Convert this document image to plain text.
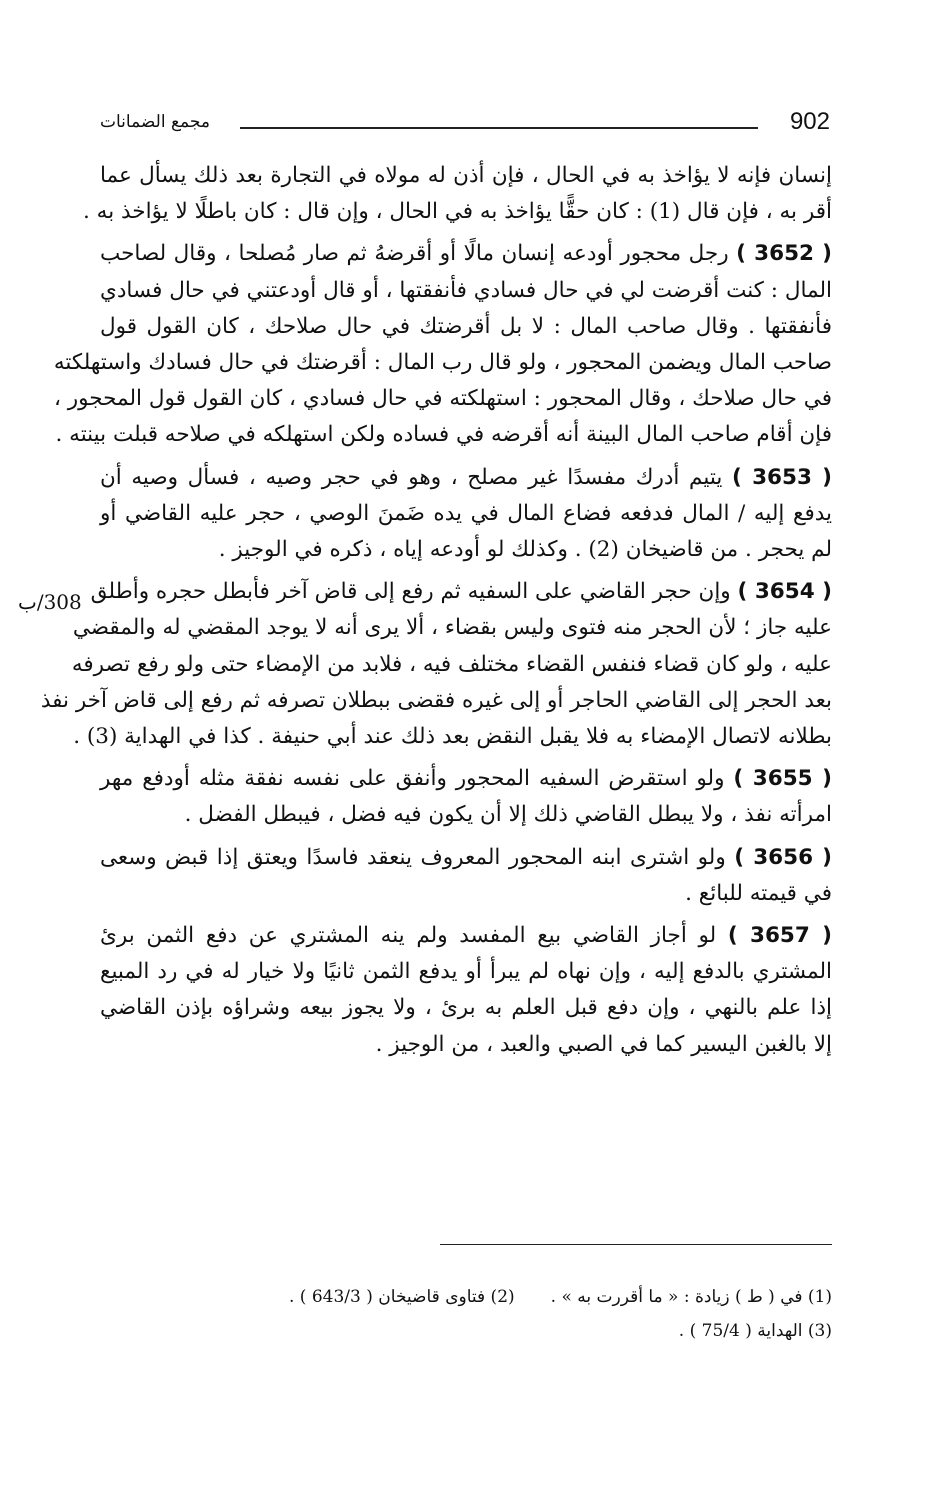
مجمع الضمانات	902
308/ب
إنسان فإنه لا يؤاخذ به في الحال ، فإن أذن له مولاه في التجارة بعد ذلك يسأل عما
أقر به ، فإن قال (1) : كان حقًّا يؤاخذ به في الحال ، وإن قال : كان باطلًا لا يؤاخذ به .
( 3652 ) رجل محجور أودعه إنسان مالًا أو أقرضهُ ثم صار مُصلحا ، وقال لصاحب
المال : كنت أقرضت لي في حال فسادي فأنفقتها ، أو قال أودعتني في حال فسادي
فأنفقتها . وقال صاحب المال : لا بل أقرضتك في حال صلاحك ، كان القول قول
صاحب المال ويضمن المحجور ، ولو قال رب المال : أقرضتك في حال فسادك واستهلكته
في حال صلاحك ، وقال المحجور : استهلكته في حال فسادي ، كان القول قول المحجور ،
فإن أقام صاحب المال البينة أنه أقرضه في فساده ولكن استهلكه في صلاحه قبلت بينته .
( 3653 ) يتيم أدرك مفسدًا غير مصلح ، وهو في حجر وصيه ، فسأل وصيه أن
يدفع إليه / المال فدفعه فضاع المال في يده ضَمنَ الوصي ، حجر عليه القاضي أو
لم يحجر . من قاضيخان (2) . وكذلك لو أودعه إياه ، ذكره في الوجيز .
( 3654 ) وإن حجر القاضي على السفيه ثم رفع إلى قاض آخر فأبطل حجره وأطلق
عليه جاز ؛ لأن الحجر منه فتوى وليس بقضاء ، ألا يرى أنه لا يوجد المقضي له والمقضي
عليه ، ولو كان قضاء فنفس القضاء مختلف فيه ، فلابد من الإمضاء حتى ولو رفع تصرفه
بعد الحجر إلى القاضي الحاجر أو إلى غيره فقضى ببطلان تصرفه ثم رفع إلى قاض آخر نفذ
بطلانه لاتصال الإمضاء به فلا يقبل النقض بعد ذلك عند أبي حنيفة . كذا في الهداية (3) .
( 3655 ) ولو استقرض السفيه المحجور وأنفق على نفسه نفقة مثله أودفع مهر
امرأته نفذ ، ولا يبطل القاضي ذلك إلا أن يكون فيه فضل ، فيبطل الفضل .
( 3656 ) ولو اشترى ابنه المحجور المعروف ينعقد فاسدًا ويعتق إذا قبض وسعى
في قيمته للبائع .
( 3657 ) لو أجاز القاضي بيع المفسد ولم ينه المشتري عن دفع الثمن برئ
المشتري بالدفع إليه ، وإن نهاه لم يبرأ أو يدفع الثمن ثانيًا ولا خيار له في رد المبيع
إذا علم بالنهي ، وإن دفع قبل العلم به برئ ، ولا يجوز بيعه وشراؤه بإذن القاضي
إلا بالغبن اليسير كما في الصبي والعبد ، من الوجيز .
(1) في ( ط ) زيادة : « ما أقررت به » .
(2) فتاوى قاضيخان ( 643/3 ) .
(3) الهداية ( 75/4 ) .
